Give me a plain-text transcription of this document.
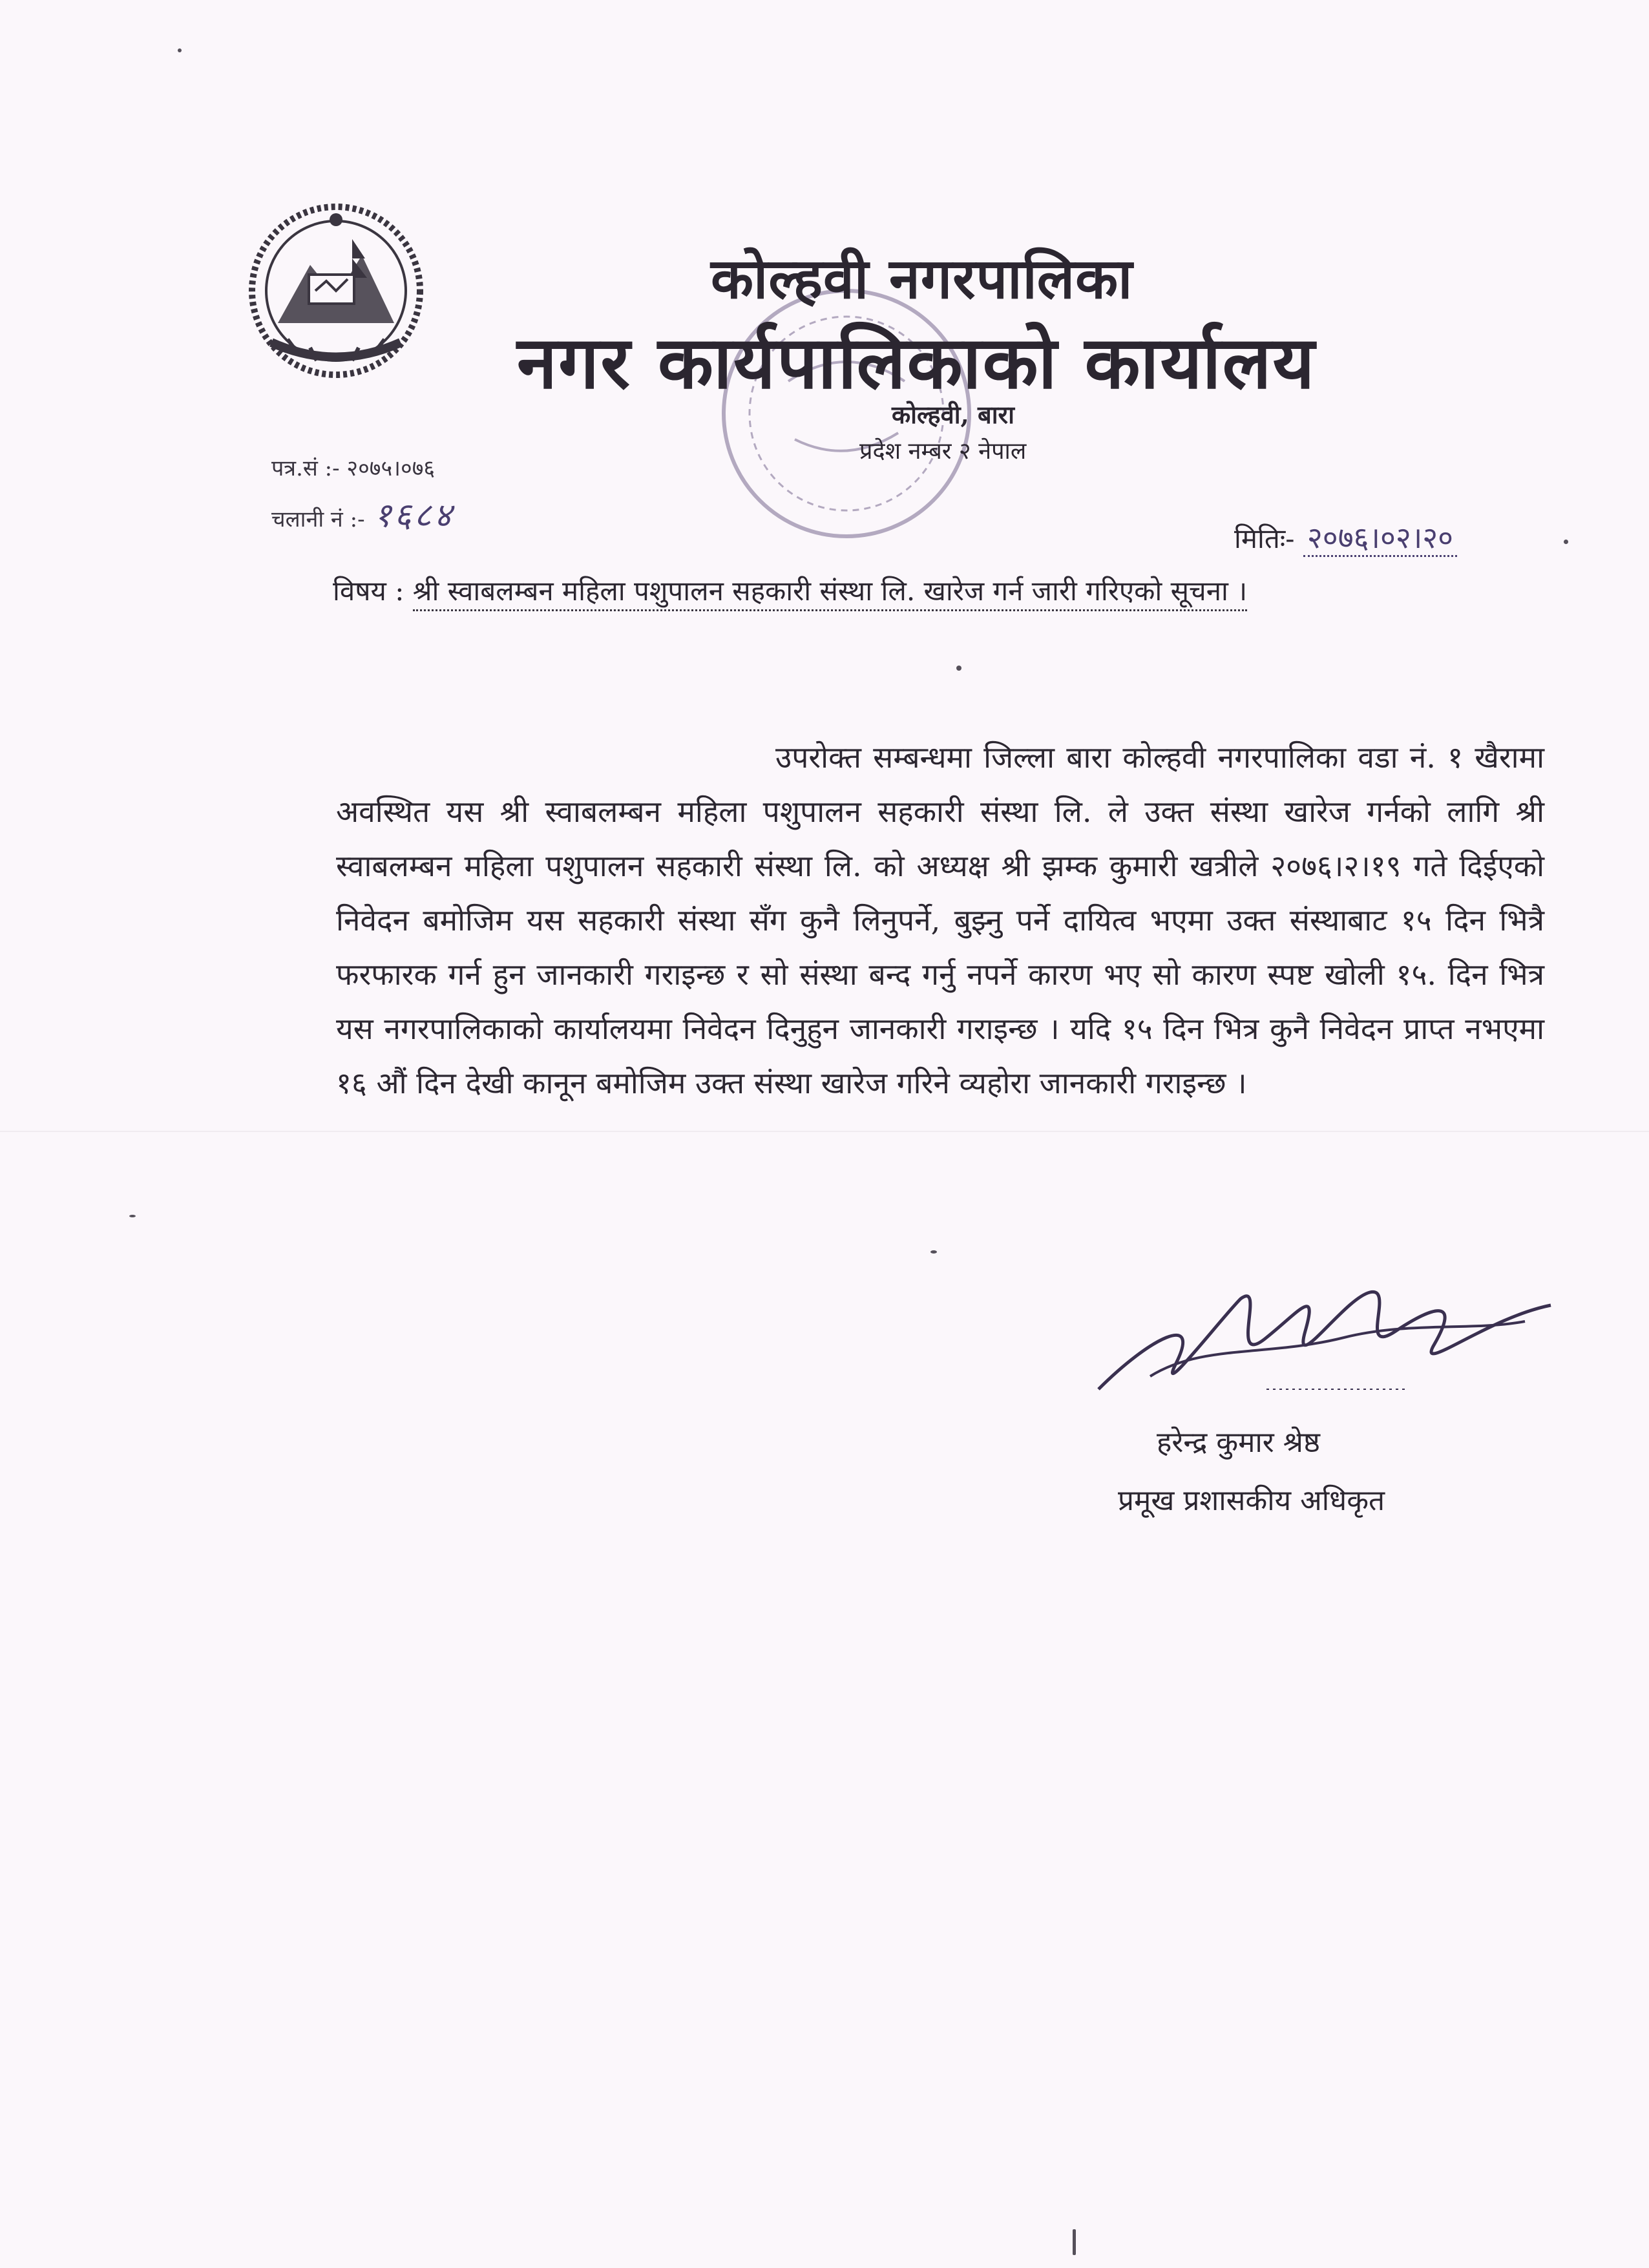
कोल्हवी नगरपालिका
नगर कार्यपालिकाको कार्यालय
कोल्हवी, बारा
प्रदेश नम्बर २ नेपाल
पत्र.सं :- २०७५।०७६
चलानी नं :- १६८४
मितिः- २०७६।०२।२०
विषय : श्री स्वाबलम्बन महिला पशुपालन सहकारी संस्था लि. खारेज गर्न जारी गरिएको सूचना ।
उपरोक्त सम्बन्धमा जिल्ला बारा कोल्हवी नगरपालिका वडा नं. १ खैरामा अवस्थित यस श्री स्वाबलम्बन महिला पशुपालन सहकारी संस्था लि. ले उक्त संस्था खारेज गर्नको लागि श्री स्वाबलम्बन महिला पशुपालन सहकारी संस्था लि. को अध्यक्ष श्री झम्क कुमारी खत्रीले २०७६।२।१९ गते दिईएको निवेदन बमोजिम यस सहकारी संस्था सँग कुनै लिनुपर्ने, बुझ्नु पर्ने दायित्व भएमा उक्त संस्थाबाट १५ दिन भित्रै फरफारक गर्न हुन जानकारी गराइन्छ र सो संस्था बन्द गर्नु नपर्ने कारण भए सो कारण स्पष्ट खोली १५. दिन भित्र यस नगरपालिकाको कार्यालयमा निवेदन दिनुहुन जानकारी गराइन्छ । यदि १५ दिन भित्र कुनै निवेदन प्राप्त नभएमा १६ औं दिन देखी कानून बमोजिम उक्त संस्था खारेज गरिने व्यहोरा जानकारी गराइन्छ ।
हरेन्द्र कुमार श्रेष्ठ
प्रमूख प्रशासकीय अधिकृत
